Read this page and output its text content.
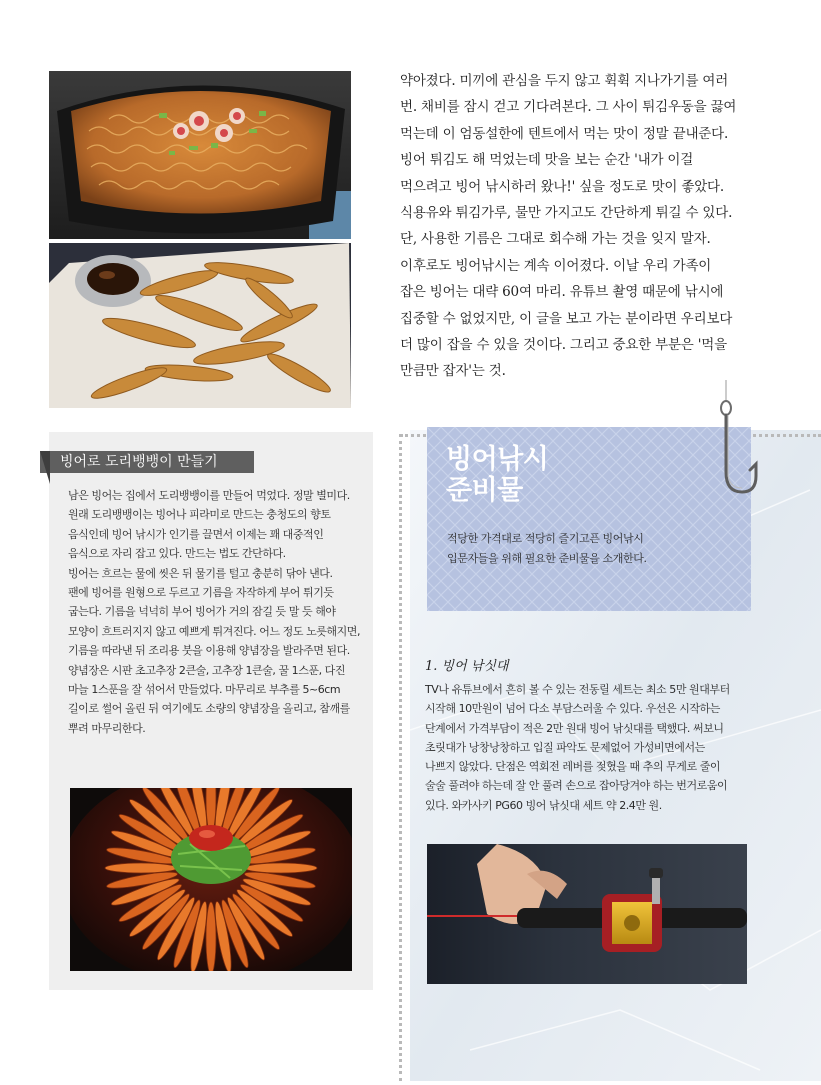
약아졌다. 미끼에 관심을 두지 않고 휙휙 지나가기를 여러

번. 채비를 잠시 걷고 기다려본다. 그 사이 튀김우동을 끓여

먹는데 이 엄동설한에 텐트에서 먹는 맛이 정말 끝내준다.

빙어 튀김도 해 먹었는데 맛을 보는 순간 '내가 이걸

먹으려고 빙어 낚시하러 왔나!' 싶을 정도로 맛이 좋았다.

식용유와 튀김가루, 물만 가지고도 간단하게 튀길 수 있다.

단, 사용한 기름은 그대로 회수해 가는 것을 잊지 말자.

이후로도 빙어낚시는 계속 이어졌다. 이날 우리 가족이

잡은 빙어는 대략 60여 마리. 유튜브 촬영 때문에 낚시에

집중할 수 없었지만, 이 글을 보고 가는 분이라면 우리보다

더 많이 잡을 수 있을 것이다. 그리고 중요한 부분은 '먹을

만큼만 잡자'는 것.

빙어로 도리뱅뱅이 만들기

남은 빙어는 집에서 도리뱅뱅이를 만들어 먹었다. 정말 별미다.

원래 도리뱅뱅이는 빙어나 피라미로 만드는 충청도의 향토

음식인데 빙어 낚시가 인기를 끌면서 이제는 꽤 대중적인

음식으로 자리 잡고 있다. 만드는 법도 간단하다.

빙어는 흐르는 물에 씻은 뒤 물기를 털고 충분히 닦아 낸다.

팬에 빙어를 원형으로 두르고 기름을 자작하게 부어 튀기듯

굽는다. 기름을 넉넉히 부어 빙어가 거의 잠길 듯 말 듯 해야

모양이 흐트러지지 않고 예쁘게 튀겨진다. 어느 정도 노릇해지면,

기름을 따라낸 뒤 조리용 붓을 이용해 양념장을 발라주면 된다.

양념장은 시판 초고추장 2큰술, 고추장 1큰술, 꿀 1스푼, 다진

마늘 1스푼을 잘 섞어서 만들었다. 마무리로 부추를 5~6cm

길이로 썰어 올린 뒤 여기에도 소량의 양념장을 올리고, 참깨를

뿌려 마무리한다.

빙어낚시
준비물
적당한 가격대로 적당히 즐기고픈 빙어낚시
입문자들을 위해 필요한 준비물을 소개한다.
1. 빙어 낚싯대

TV나 유튜브에서 흔히 볼 수 있는 전동릴 세트는 최소 5만 원대부터

시작해 10만원이 넘어 다소 부담스러울 수 있다. 우선은 시작하는

단계에서 가격부담이 적은 2만 원대 빙어 낚싯대를 택했다. 써보니

초릿대가 낭창낭창하고 입질 파악도 문제없어 가성비면에서는

나쁘지 않았다. 단점은 역회전 레버를 젖혔을 때 추의 무게로 줄이

술술 풀려야 하는데 잘 안 풀려 손으로 잡아당겨야 하는 번거로움이

있다. 와카사키 PG60 빙어 낚싯대 세트 약 2.4만 원.
